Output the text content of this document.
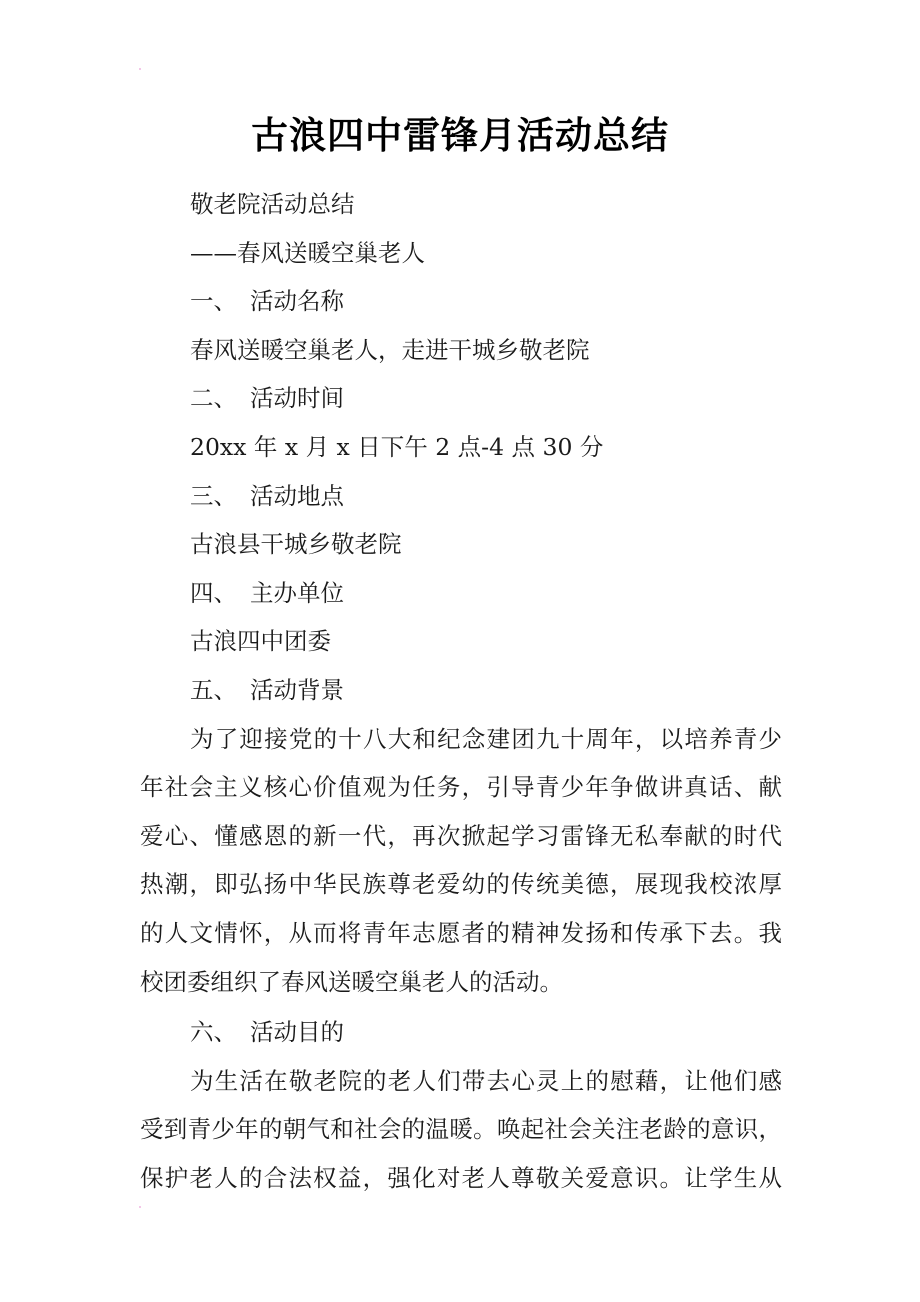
古浪四中雷锋月活动总结
敬老院活动总结
——春风送暖空巢老人
一、 活动名称
春风送暖空巢老人，走进干城乡敬老院
二、 活动时间
20xx 年 x 月 x 日下午 2 点-4 点 30 分
三、 活动地点
古浪县干城乡敬老院
四、 主办单位
古浪四中团委
五、 活动背景
为了迎接党的十八大和纪念建团九十周年，以培养青少
年社会主义核心价值观为任务，引导青少年争做讲真话、献
爱心、懂感恩的新一代，再次掀起学习雷锋无私奉献的时代
热潮，即弘扬中华民族尊老爱幼的传统美德，展现我校浓厚
的人文情怀，从而将青年志愿者的精神发扬和传承下去。我
校团委组织了春风送暖空巢老人的活动。
六、 活动目的
为生活在敬老院的老人们带去心灵上的慰藉，让他们感
受到青少年的朝气和社会的温暖。唤起社会关注老龄的意识，
保护老人的合法权益，强化对老人尊敬关爱意识。让学生从
